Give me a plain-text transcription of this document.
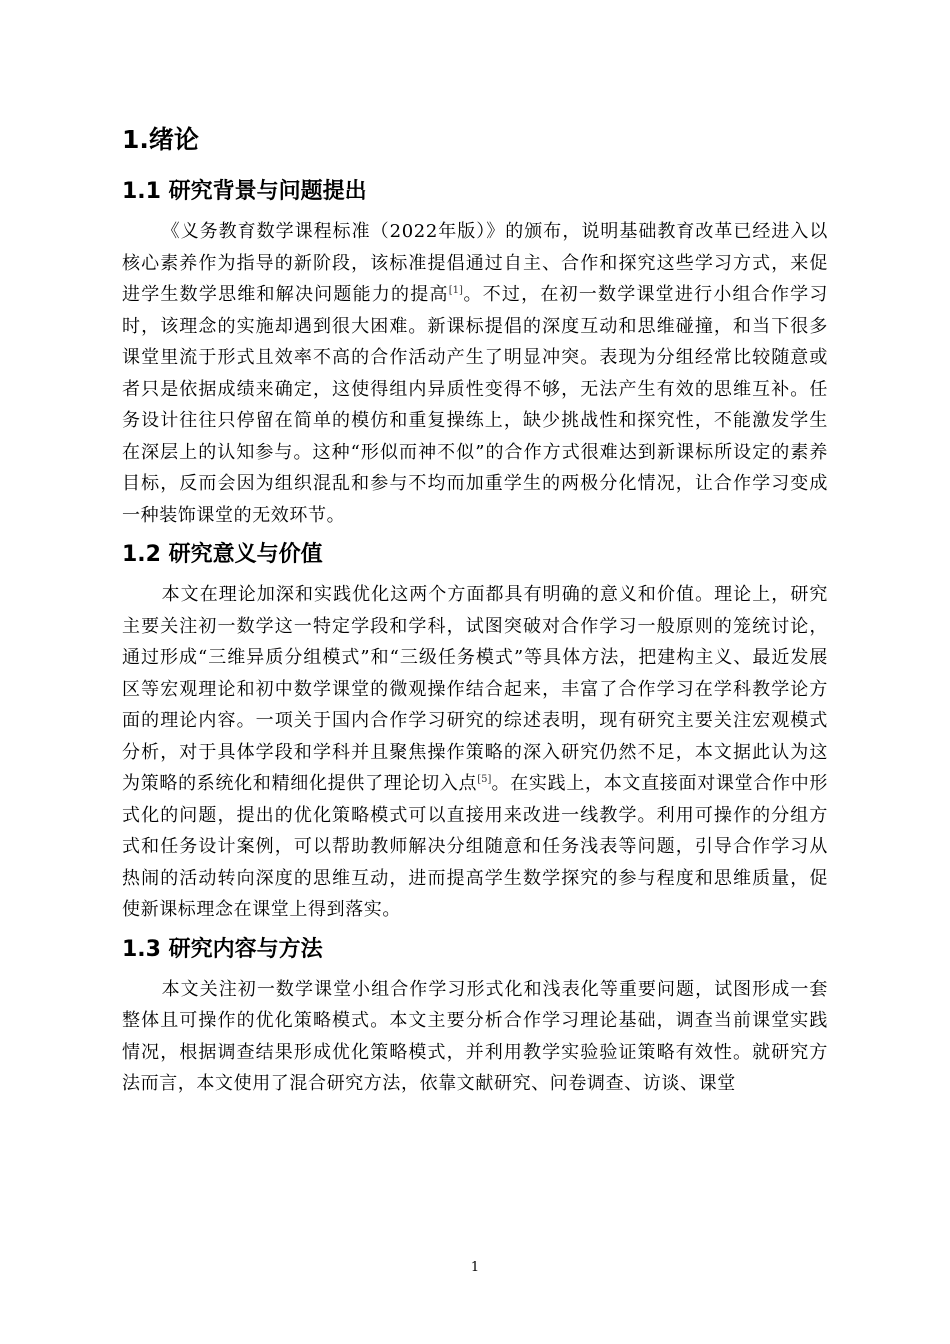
1.绪论
1.1 研究背景与问题提出

《义务教育数学课程标准（2022年版）》的颁布，说明基础教育改革已经进入以核心素养作为指导的新阶段，该标准提倡通过自主、合作和探究这些学习方式，来促进学生数学思维和解决问题能力的提高[1]。不过，在初一数学课堂进行小组合作学习时，该理念的实施却遇到很大困难。新课标提倡的深度互动和思维碰撞，和当下很多课堂里流于形式且效率不高的合作活动产生了明显冲突。表现为分组经常比较随意或者只是依据成绩来确定，这使得组内异质性变得不够，无法产生有效的思维互补。任务设计往往只停留在简单的模仿和重复操练上，缺少挑战性和探究性，不能激发学生在深层上的认知参与。这种“形似而神不似”的合作方式很难达到新课标所设定的素养目标，反而会因为组织混乱和参与不均而加重学生的两极分化情况，让合作学习变成一种装饰课堂的无效环节。

1.2 研究意义与价值

本文在理论加深和实践优化这两个方面都具有明确的意义和价值。理论上，研究主要关注初一数学这一特定学段和学科，试图突破对合作学习一般原则的笼统讨论，通过形成“三维异质分组模式”和“三级任务模式”等具体方法，把建构主义、最近发展区等宏观理论和初中数学课堂的微观操作结合起来，丰富了合作学习在学科教学论方面的理论内容。一项关于国内合作学习研究的综述表明，现有研究主要关注宏观模式分析，对于具体学段和学科并且聚焦操作策略的深入研究仍然不足，本文据此认为这为策略的系统化和精细化提供了理论切入点[5]。在实践上，本文直接面对课堂合作中形式化的问题，提出的优化策略模式可以直接用来改进一线教学。利用可操作的分组方式和任务设计案例，可以帮助教师解决分组随意和任务浅表等问题，引导合作学习从热闹的活动转向深度的思维互动，进而提高学生数学探究的参与程度和思维质量，促使新课标理念在课堂上得到落实。

1.3 研究内容与方法

本文关注初一数学课堂小组合作学习形式化和浅表化等重要问题，试图形成一套整体且可操作的优化策略模式。本文主要分析合作学习理论基础，调查当前课堂实践情况，根据调查结果形成优化策略模式，并利用教学实验验证策略有效性。就研究方法而言，本文使用了混合研究方法，依靠文献研究、问卷调查、访谈、课堂

1
